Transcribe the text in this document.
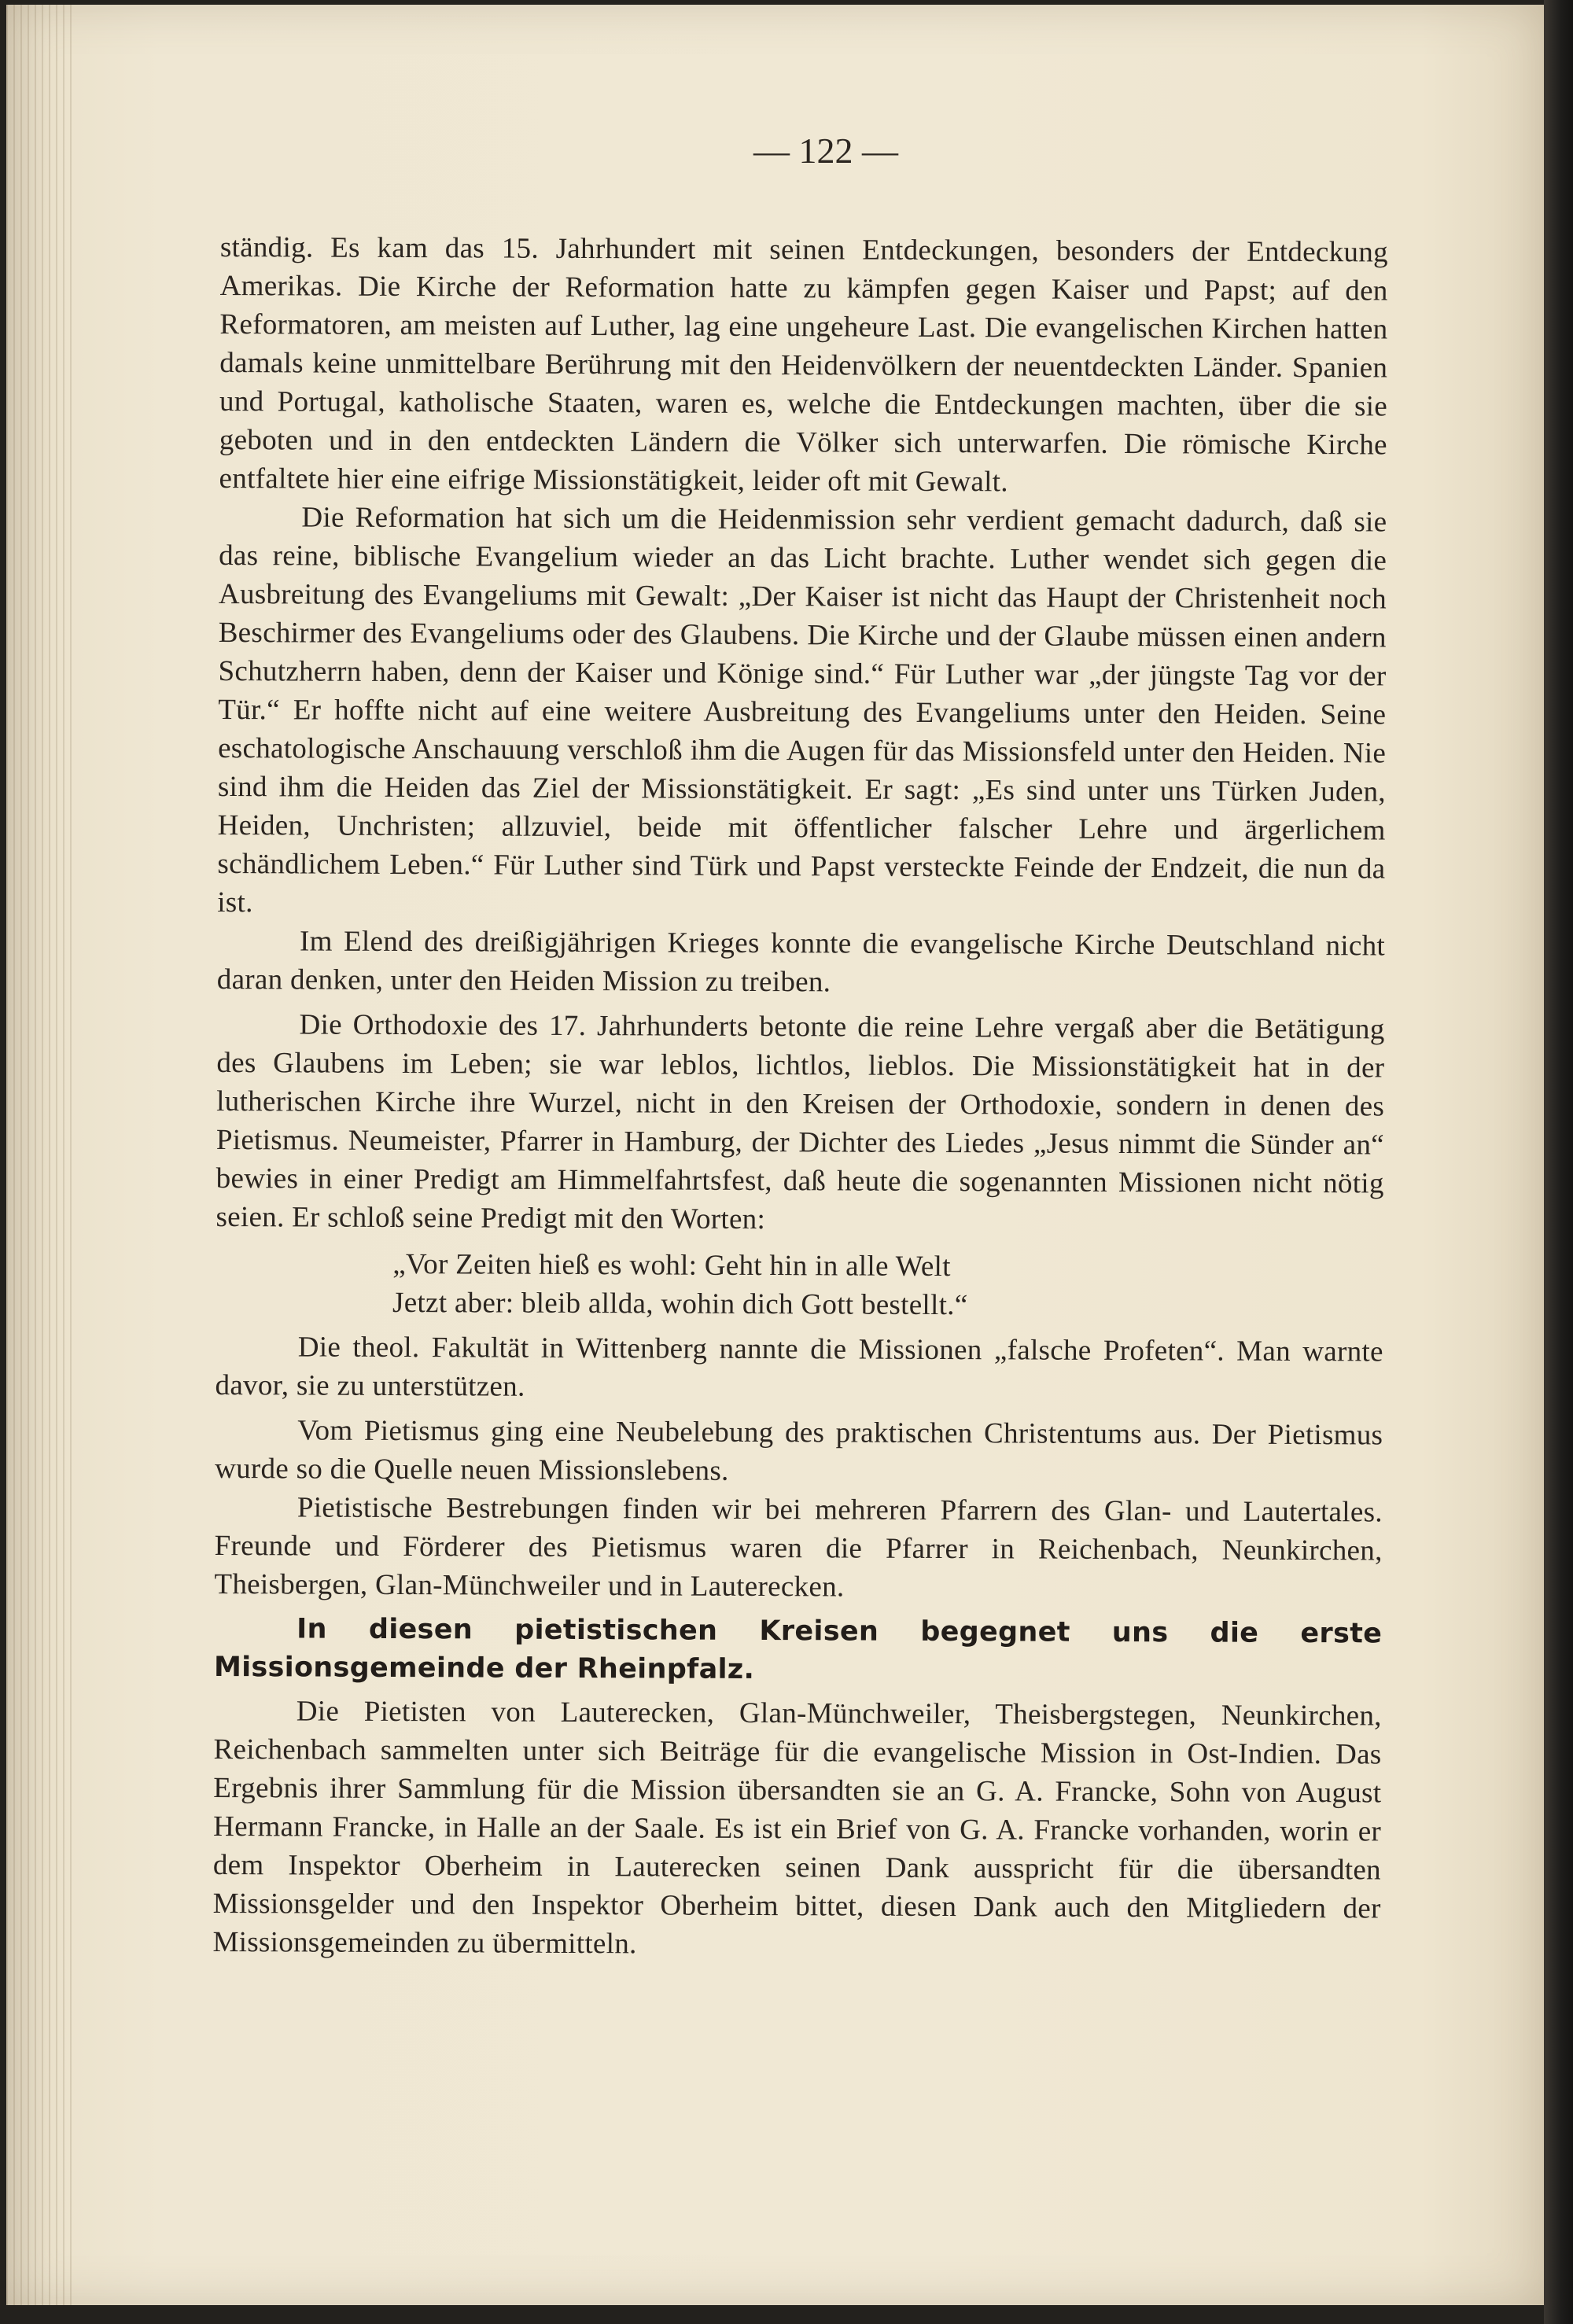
— 122 —

ständig. Es kam das 15. Jahrhundert mit seinen Entdeckungen, besonders der Entdeckung Amerikas. Die Kirche der Reformation hatte zu kämpfen gegen Kaiser und Papst; auf den Reformatoren, am meisten auf Luther, lag eine ungeheure Last. Die evangelischen Kirchen hatten damals keine unmittelbare Berührung mit den Heidenvölkern der neuentdeckten Länder. Spanien und Portugal, katholische Staaten, waren es, welche die Entdeckungen machten, über die sie geboten und in den entdeckten Ländern die Völker sich unterwarfen. Die römische Kirche entfaltete hier eine eifrige Missionstätigkeit, leider oft mit Gewalt.

Die Reformation hat sich um die Heidenmission sehr verdient gemacht dadurch, daß sie das reine, biblische Evangelium wieder an das Licht brachte. Luther wendet sich gegen die Ausbreitung des Evangeliums mit Gewalt: „Der Kaiser ist nicht das Haupt der Christenheit noch Beschirmer des Evangeliums oder des Glaubens. Die Kirche und der Glaube müssen einen andern Schutzherrn haben, denn der Kaiser und Könige sind.“ Für Luther war „der jüngste Tag vor der Tür.“ Er hoffte nicht auf eine weitere Ausbreitung des Evangeliums unter den Heiden. Seine eschatologische Anschauung verschloß ihm die Augen für das Missionsfeld unter den Heiden. Nie sind ihm die Heiden das Ziel der Missionstätigkeit. Er sagt: „Es sind unter uns Türken Juden, Heiden, Unchristen; allzuviel, beide mit öffentlicher falscher Lehre und ärgerlichem schändlichem Leben.“ Für Luther sind Türk und Papst versteckte Feinde der Endzeit, die nun da ist.

Im Elend des dreißigjährigen Krieges konnte die evangelische Kirche Deutschland nicht daran denken, unter den Heiden Mission zu treiben.

Die Orthodoxie des 17. Jahrhunderts betonte die reine Lehre vergaß aber die Betätigung des Glaubens im Leben; sie war leblos, lichtlos, lieblos. Die Missionstätigkeit hat in der lutherischen Kirche ihre Wurzel, nicht in den Kreisen der Orthodoxie, sondern in denen des Pietismus. Neumeister, Pfarrer in Hamburg, der Dichter des Liedes „Jesus nimmt die Sünder an“ bewies in einer Predigt am Himmelfahrtsfest, daß heute die sogenannten Missionen nicht nötig seien. Er schloß seine Predigt mit den Worten:

„Vor Zeiten hieß es wohl: Geht hin in alle Welt

Jetzt aber: bleib allda, wohin dich Gott bestellt.“

Die theol. Fakultät in Wittenberg nannte die Missionen „falsche Profeten“. Man warnte davor, sie zu unterstützen.

Vom Pietismus ging eine Neubelebung des praktischen Christentums aus. Der Pietismus wurde so die Quelle neuen Missionslebens.

Pietistische Bestrebungen finden wir bei mehreren Pfarrern des Glan- und Lautertales. Freunde und Förderer des Pietismus waren die Pfarrer in Reichenbach, Neunkirchen, Theisbergen, Glan-Münchweiler und in Lauterecken.

In diesen pietistischen Kreisen begegnet uns die erste Missionsgemeinde der Rheinpfalz.

Die Pietisten von Lauterecken, Glan-Münchweiler, Theisbergstegen, Neunkirchen, Reichenbach sammelten unter sich Beiträge für die evangelische Mission in Ost-Indien. Das Ergebnis ihrer Sammlung für die Mission übersandten sie an G. A. Francke, Sohn von August Hermann Francke, in Halle an der Saale. Es ist ein Brief von G. A. Francke vorhanden, worin er dem Inspektor Oberheim in Lauterecken seinen Dank ausspricht für die übersandten Missionsgelder und den Inspektor Oberheim bittet, diesen Dank auch den Mitgliedern der Missionsgemeinden zu übermitteln.
